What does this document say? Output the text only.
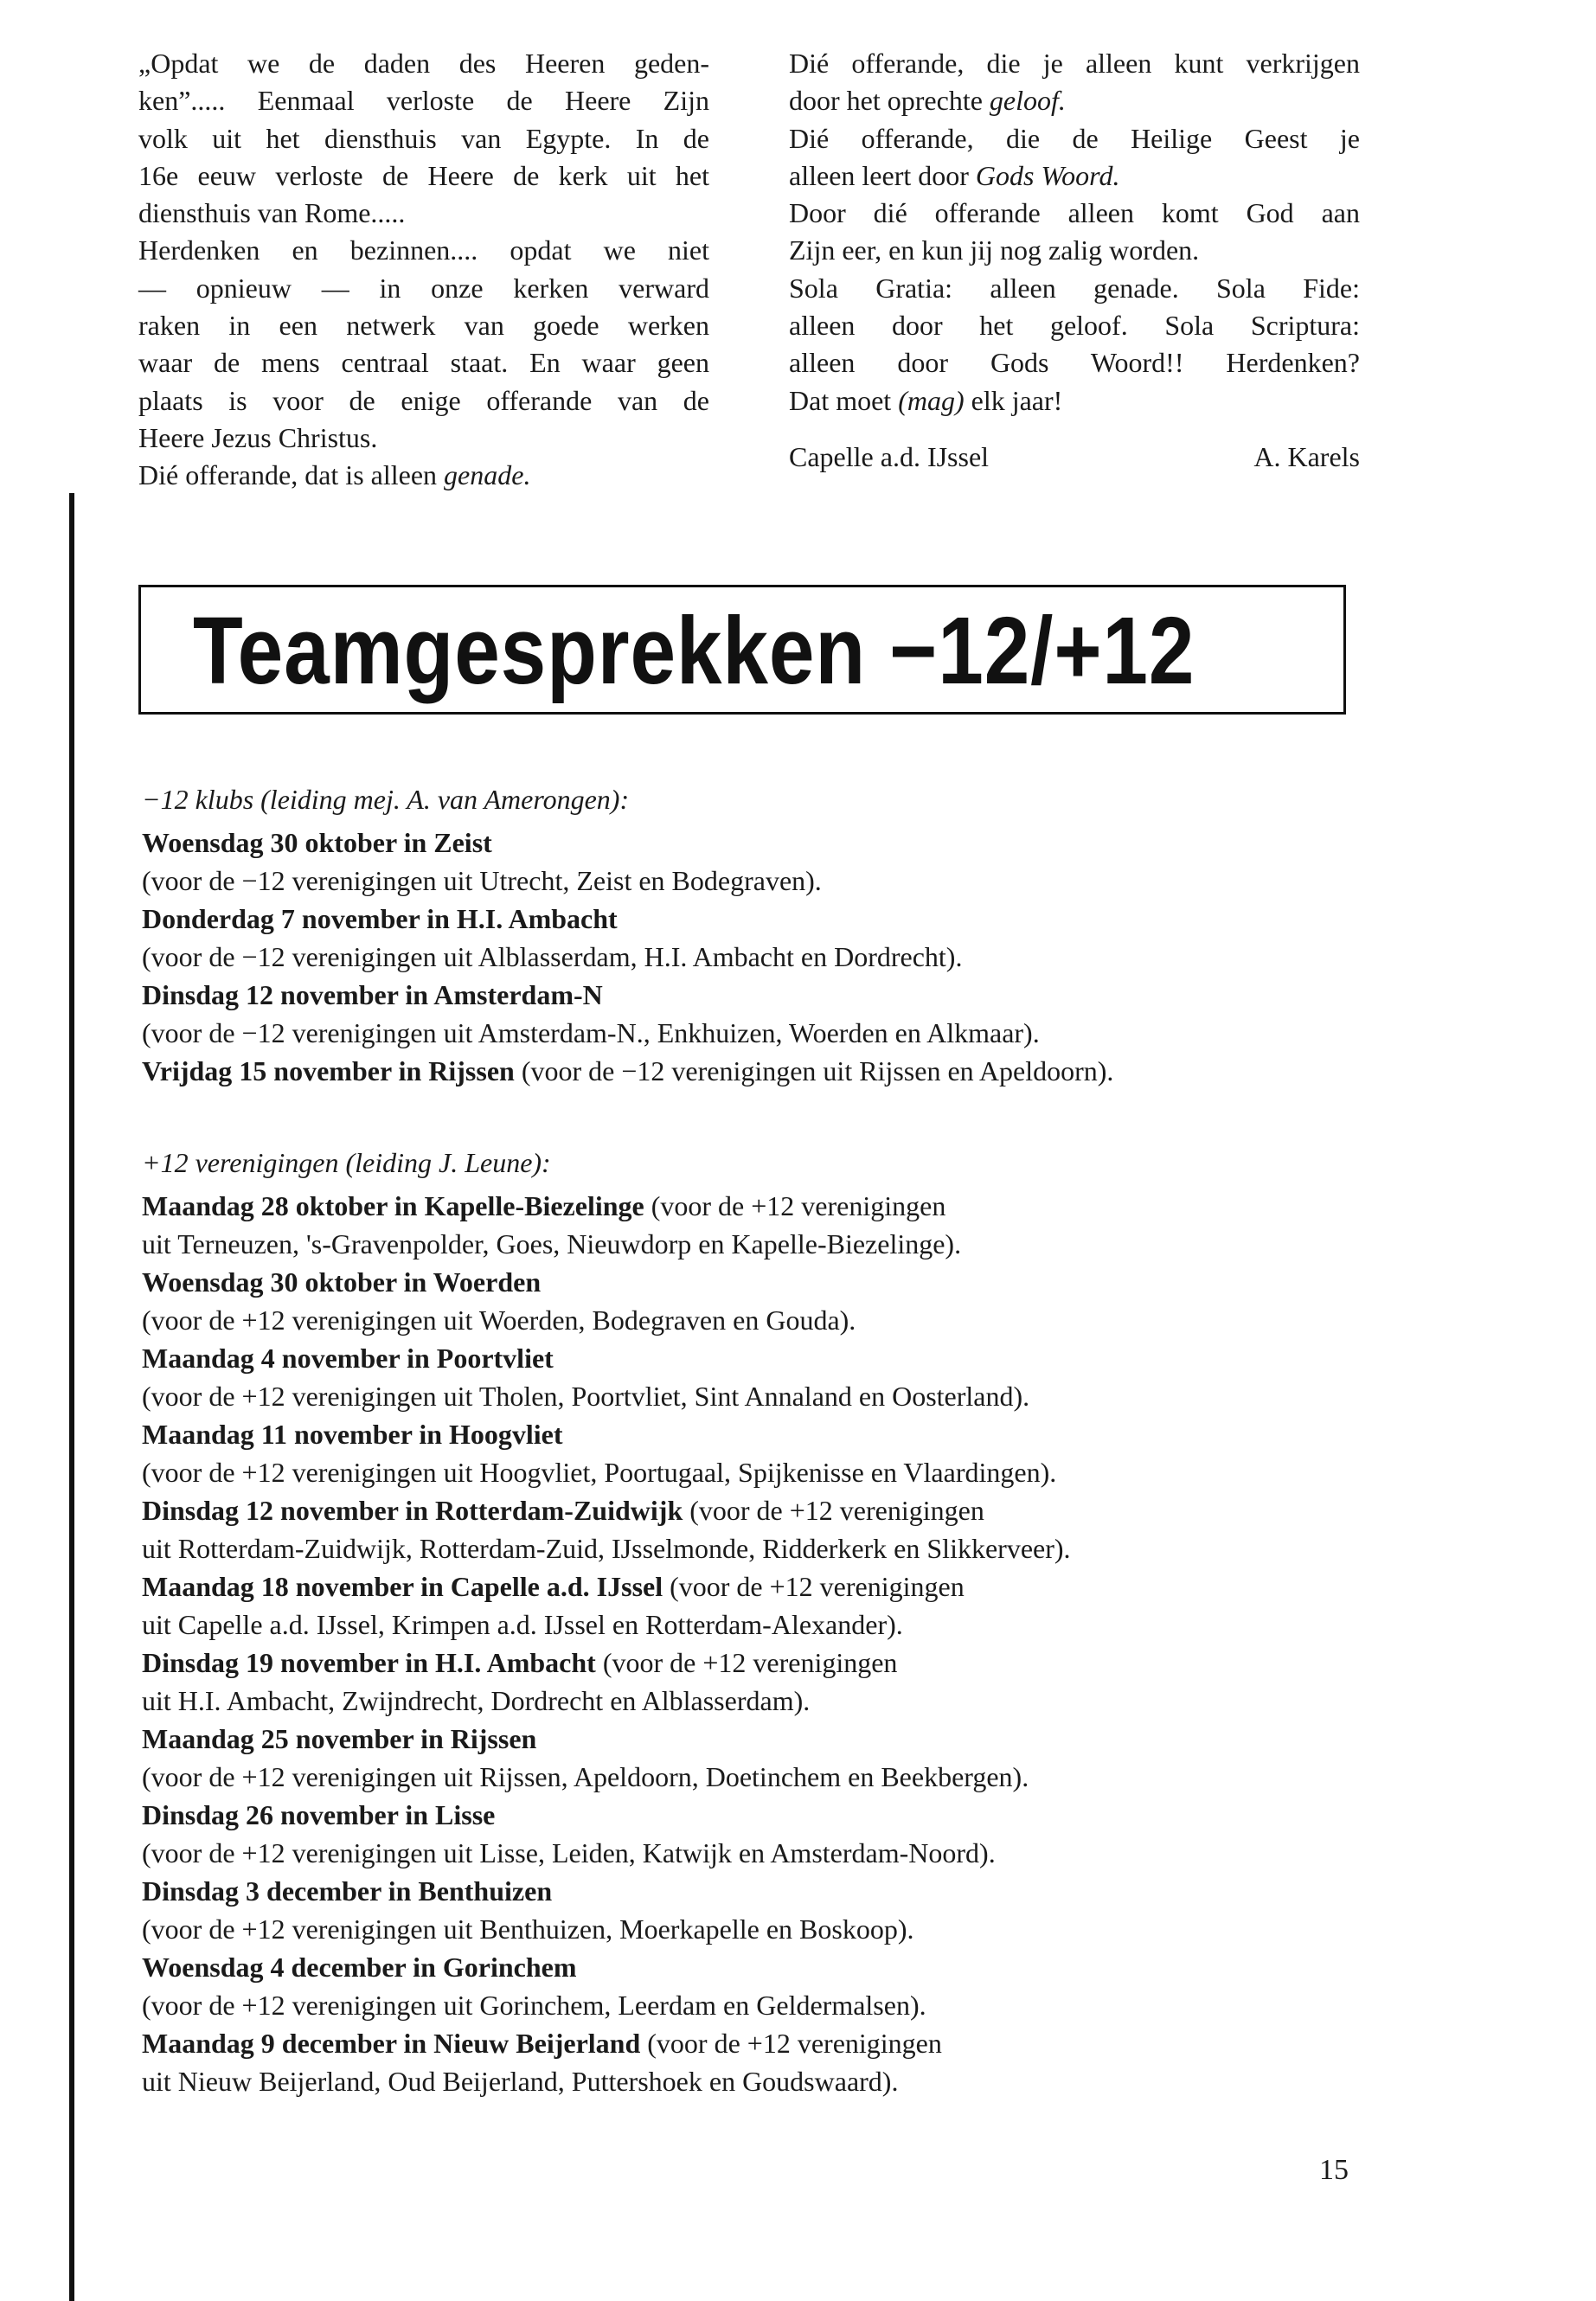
„Opdat we de daden des Heeren geden-
ken”..... Eenmaal verloste de Heere Zijn
volk uit het diensthuis van Egypte. In de
16e eeuw verloste de Heere de kerk uit het
diensthuis van Rome.....
Herdenken en bezinnen.... opdat we niet
— opnieuw — in onze kerken verward
raken in een netwerk van goede werken
waar de mens centraal staat. En waar geen
plaats is voor de enige offerande van de
Heere Jezus Christus.
Dié offerande, dat is alleen genade.
Dié offerande, die je alleen kunt verkrijgen
door het oprechte geloof.
Dié offerande, die de Heilige Geest je
alleen leert door Gods Woord.
Door dié offerande alleen komt God aan
Zijn eer, en kun jij nog zalig worden.
Sola Gratia: alleen genade. Sola Fide:
alleen door het geloof. Sola Scriptura:
alleen door Gods Woord!! Herdenken?
Dat moet (mag) elk jaar!
Capelle a.d. IJssel	A. Karels
Teamgesprekken −12/+12
−12 klubs (leiding mej. A. van Amerongen):
Woensdag 30 oktober in Zeist
(voor de −12 verenigingen uit Utrecht, Zeist en Bodegraven).
Donderdag 7 november in H.I. Ambacht
(voor de −12 verenigingen uit Alblasserdam, H.I. Ambacht en Dordrecht).
Dinsdag 12 november in Amsterdam-N
(voor de −12 verenigingen uit Amsterdam-N., Enkhuizen, Woerden en Alkmaar).
Vrijdag 15 november in Rijssen (voor de −12 verenigingen uit Rijssen en Apeldoorn).
+12 verenigingen (leiding J. Leune):
Maandag 28 oktober in Kapelle-Biezelinge (voor de +12 verenigingen
uit Terneuzen, 's-Gravenpolder, Goes, Nieuwdorp en Kapelle-Biezelinge).
Woensdag 30 oktober in Woerden
(voor de +12 verenigingen uit Woerden, Bodegraven en Gouda).
Maandag 4 november in Poortvliet
(voor de +12 verenigingen uit Tholen, Poortvliet, Sint Annaland en Oosterland).
Maandag 11 november in Hoogvliet
(voor de +12 verenigingen uit Hoogvliet, Poortugaal, Spijkenisse en Vlaardingen).
Dinsdag 12 november in Rotterdam-Zuidwijk (voor de +12 verenigingen
uit Rotterdam-Zuidwijk, Rotterdam-Zuid, IJsselmonde, Ridderkerk en Slikkerveer).
Maandag 18 november in Capelle a.d. IJssel (voor de +12 verenigingen
uit Capelle a.d. IJssel, Krimpen a.d. IJssel en Rotterdam-Alexander).
Dinsdag 19 november in H.I. Ambacht (voor de +12 verenigingen
uit H.I. Ambacht, Zwijndrecht, Dordrecht en Alblasserdam).
Maandag 25 november in Rijssen
(voor de +12 verenigingen uit Rijssen, Apeldoorn, Doetinchem en Beekbergen).
Dinsdag 26 november in Lisse
(voor de +12 verenigingen uit Lisse, Leiden, Katwijk en Amsterdam-Noord).
Dinsdag 3 december in Benthuizen
(voor de +12 verenigingen uit Benthuizen, Moerkapelle en Boskoop).
Woensdag 4 december in Gorinchem
(voor de +12 verenigingen uit Gorinchem, Leerdam en Geldermalsen).
Maandag 9 december in Nieuw Beijerland (voor de +12 verenigingen
uit Nieuw Beijerland, Oud Beijerland, Puttershoek en Goudswaard).
15
